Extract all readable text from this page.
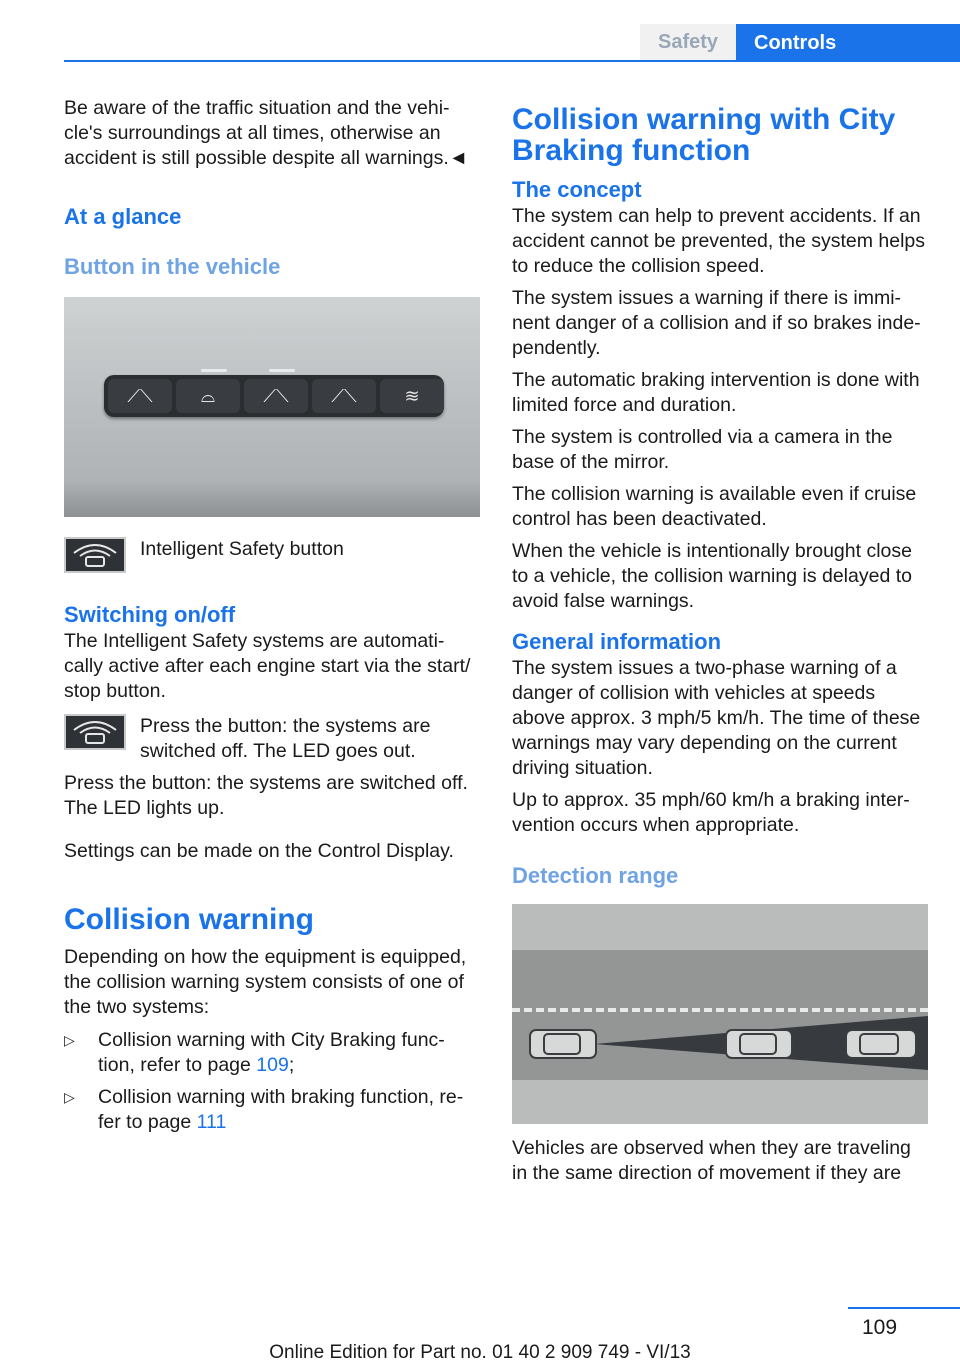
Safety	Controls

Be aware of the traffic situation and the vehi-cle's surroundings at all times, otherwise an accident is still possible despite all warnings.◄

At a glance
Button in the vehicle
⟋⟍	⌓	⟋⟍	⟋⟍	≋

Intelligent Safety button

Switching on/off

The Intelligent Safety systems are automati-cally active after each engine start via the start/ stop button.

Press the button: the systems are switched off. The LED goes out.

Press the button: the systems are switched off. The LED lights up.

Settings can be made on the Control Display.

Collision warning

Depending on how the equipment is equipped, the collision warning system consists of one of the two systems:

▷ Collision warning with City Braking func-tion, refer to page 109;
▷ Collision warning with braking function, re-fer to page 111
Collision warning with City Braking function
The concept

The system can help to prevent accidents. If an accident cannot be prevented, the system helps to reduce the collision speed.

The system issues a warning if there is immi-nent danger of a collision and if so brakes inde-pendently.

The automatic braking intervention is done with limited force and duration.

The system is controlled via a camera in the base of the mirror.

The collision warning is available even if cruise control has been deactivated.

When the vehicle is intentionally brought close to a vehicle, the collision warning is delayed to avoid false warnings.

General information

The system issues a two-phase warning of a danger of collision with vehicles at speeds above approx. 3 mph/5 km/h. The time of these warnings may vary depending on the current driving situation.

Up to approx. 35 mph/60 km/h a braking inter-vention occurs when appropriate.

Detection range

Vehicles are observed when they are traveling in the same direction of movement if they are

109
Online Edition for Part no. 01 40 2 909 749 - VI/13
